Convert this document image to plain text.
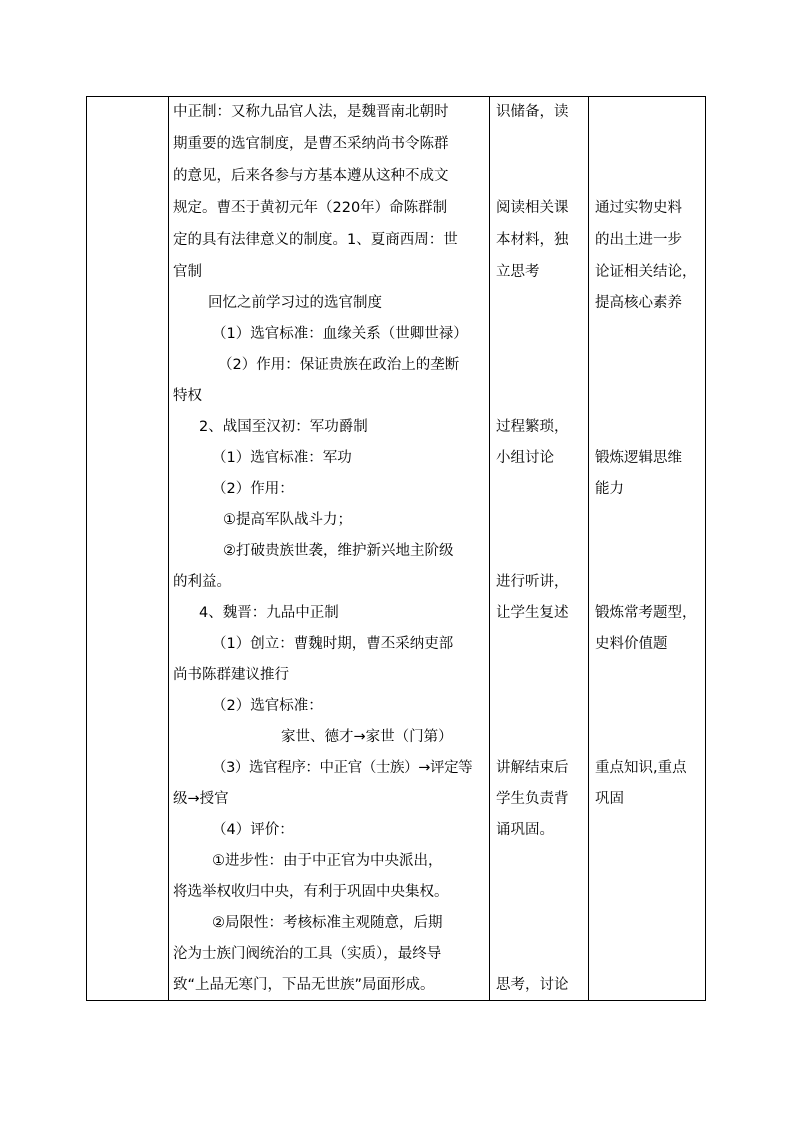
中正制：又称九品官人法，是魏晋南北朝时
期重要的选官制度，是曹丕采纳尚书令陈群
的意见，后来各参与方基本遵从这种不成文
规定。曹丕于黄初元年（220年）命陈群制
定的具有法律意义的制度。1、夏商西周：世
官制
回忆之前学习过的选官制度
（1）选官标准：血缘关系（世卿世禄）
（2）作用：保证贵族在政治上的垄断
特权
2、战国至汉初：军功爵制
（1）选官标准：军功
（2）作用：
①提高军队战斗力；
②打破贵族世袭，维护新兴地主阶级
的利益。
4、魏晋：九品中正制
（1）创立：曹魏时期，曹丕采纳吏部
尚书陈群建议推行
（2）选官标准：
家世、德才→家世（门第）
（3）选官程序：中正官（士族）→评定等
级→授官
（4）评价：
①进步性：由于中正官为中央派出，
将选举权收归中央，有利于巩固中央集权。
②局限性：考核标准主观随意，后期
沦为士族门阀统治的工具（实质），最终导
致“上品无寒门，下品无世族”局面形成。
识储备，读
阅读相关课
本材料，独
立思考
过程繁琐，
小组讨论
进行听讲，
让学生复述
讲解结束后
学生负责背
诵巩固。
思考，讨论
通过实物史料
的出土进一步
论证相关结论，
提高核心素养
锻炼逻辑思维
能力
锻炼常考题型，
史料价值题
重点知识,重点
巩固
